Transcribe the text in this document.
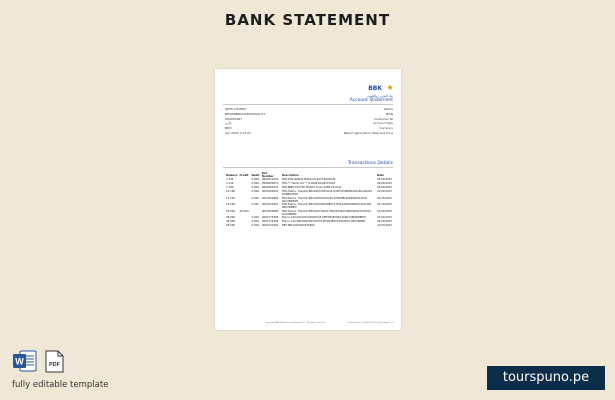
BANK STATEMENT
BBK ✸
بنك البحرين والكويت
Account Statement
JOHN CITIZEN	Name
BH000BBK00000000AIU17	IBAN
000450987	Customer ID
جاري	Account type
BHD	Currency
Apr 2025 7:23 ID	Report generation date and time
Transactions Details
Balance	Credit	Debit	Ref. Number	Description	Date
2.344		0.000-	0904919150	FDR-POS-MAN01 BHD0.50 Z4/H BAHRAIN	03/04/2025
4.130		0.000-	0902600011	FDR-** Feeds Ltd ** G PKGED1G8475003	03/04/2025
7.396		0.000-	0902550431	FDR-BNFT-POS BH MAN01 Ques 206B-T9-0212	02/04/2025
14.166		0.000-	0652200003	FDR-Fawri+ Transfer-BP1046760450G310 BH22UBB00001160100003 #UBB04598	01/04/2025
14.350		0.000-	0652050892	FDR-Fawri+ Transfer-BP1046760G4G9H DH000BHJ000000022106 S0XUB0B0M	01/04/2025
15.656		0.000-	0652056961	FDR-Fawri+ Transfer-BP1045760048B973 BH14ABC00000074101001 ABCUB0BM	01/04/2025
18.436	20.000-		0652050980	FDR-Fawri+ Transfer-BP1045730001/7B9 BH08ACSB0000041100970 ACSUB0BM	01/04/2025
38.000		0.000-	0662774986	Fawri+130 002200194000043 0PH9M38792G10004 NBOB0BHM	01/04/2025
34.000		0.000-	0662774988	Fawri+130 ABCO00000110070-PH1N3E9723003676 ABCUB0BM	01/04/2025
38.000		0.000-	0662151860	DEF-IBN-0003206676800	31/03/2025
Copyright BBK Bahrain and Kuwait B.S.C. All rights reserved	Generated on 07/04/2025 07:23:08 Page 1 of 1
W	PDF
fully editable template	tourspuno.pe
